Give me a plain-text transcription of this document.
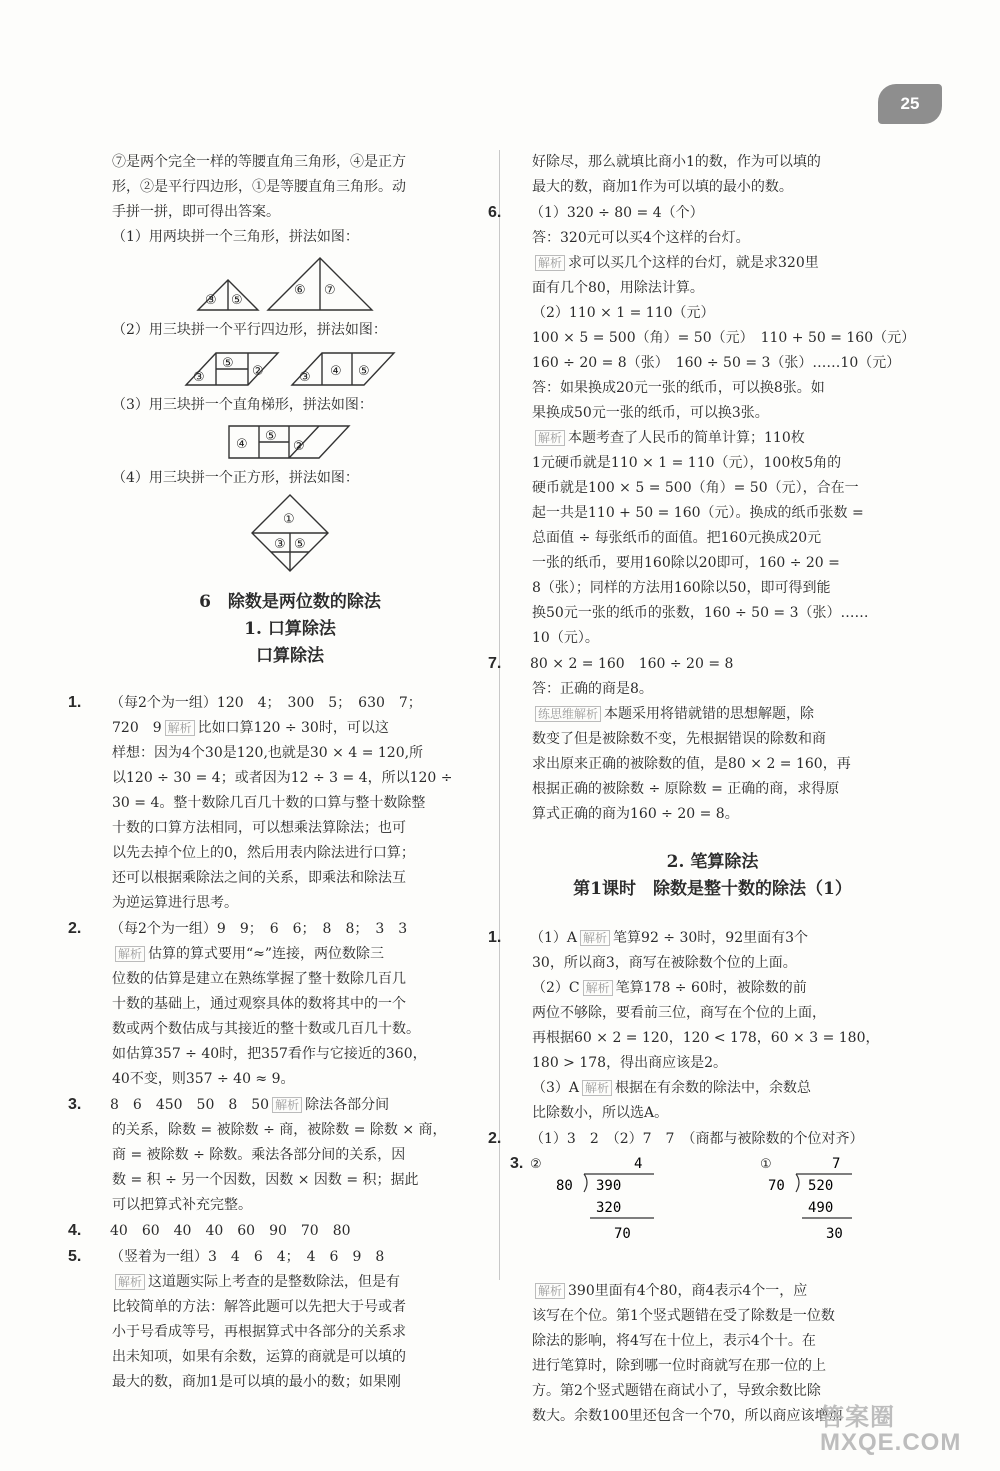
25

⑦是两个完全一样的等腰直角三角形，④是正方

形，②是平行四边形，①是等腰直角三角形。动

手拼一拼，即可得出答案。

（1）用两块拼一个三角形，拼法如图：

③ ⑤
⑥ ⑦

（2）用三块拼一个平行四边形，拼法如图：

③
⑤
②	③ ④ ⑤

（3）用三块拼一个直角梯形，拼法如图：

④
⑤
②

（4）用三块拼一个正方形，拼法如图：

①
③ ⑤

6　除数是两位数的除法

1. 口算除法

口算除法

1. （每2个为一组）120　4；　300　5；　630　7；

720　9 解析 比如口算120 ÷ 30时，可以这

样想：因为4个30是120,也就是30 × 4 = 120,所

以120 ÷ 30 = 4；或者因为12 ÷ 3 = 4，所以120 ÷

30 = 4。整十数除几百几十数的口算与整十数除整

十数的口算方法相同，可以想乘法算除法；也可

以先去掉个位上的0，然后用表内除法进行口算；

还可以根据乘除法之间的关系，即乘法和除法互

为逆运算进行思考。

2. （每2个为一组）9　9；　6　6；　8　8；　3　3

解析 估算的算式要用“≈”连接，两位数除三

位数的估算是建立在熟练掌握了整十数除几百几

十数的基础上，通过观察具体的数将其中的一个

数或两个数估成与其接近的整十数或几百几十数。

如估算357 ÷ 40时，把357看作与它接近的360，

40不变，则357 ÷ 40 ≈ 9。

3. 8　6　450　50　8　50 解析 除法各部分间

的关系，除数 = 被除数 ÷ 商，被除数 = 除数 × 商，

商 = 被除数 ÷ 除数。乘法各部分间的关系，因

数 = 积 ÷ 另一个因数，因数 × 因数 = 积；据此

可以把算式补充完整。

4. 40　60　40　40　60　90　70　80

5. （竖着为一组）3　4　6　4；　4　6　9　8

解析 这道题实际上考查的是整数除法，但是有

比较简单的方法：解答此题可以先把大于号或者

小于号看成等号，再根据算式中各部分的关系求

出未知项，如果有余数，运算的商就是可以填的

最大的数，商加1是可以填的最小的数；如果刚

好除尽，那么就填比商小1的数，作为可以填的

最大的数，商加1作为可以填的最小的数。

6. （1）320 ÷ 80 = 4（个）

答：320元可以买4个这样的台灯。

解析 求可以买几个这样的台灯，就是求320里

面有几个80，用除法计算。

（2）110 × 1 = 110（元）

100 × 5 = 500（角）= 50（元）　110 + 50 = 160（元）

160 ÷ 20 = 8（张）　160 ÷ 50 = 3（张）……10（元）

答：如果换成20元一张的纸币，可以换8张。如

果换成50元一张的纸币，可以换3张。

解析 本题考查了人民币的简单计算；110枚

1元硬币就是110 × 1 = 110（元），100枚5角的

硬币就是100 × 5 = 500（角）= 50（元），合在一

起一共是110 + 50 = 160（元）。换成的纸币张数 =

总面值 ÷ 每张纸币的面值。把160元换成20元

一张的纸币，要用160除以20即可，160 ÷ 20 =

8（张）；同样的方法用160除以50，即可得到能

换50元一张的纸币的张数，160 ÷ 50 = 3（张）……

10（元）。

7. 80 × 2 = 160　160 ÷ 20 = 8

答：正确的商是8。

练思维解析 本题采用将错就错的思想解题，除

数变了但是被除数不变，先根据错误的除数和商

求出原来正确的被除数的值，是80 × 2 = 160，再

根据正确的被除数 ÷ 原除数 = 正确的商，求得原

算式正确的商为160 ÷ 20 = 8。

2. 笔算除法

第1课时　除数是整十数的除法（1）

1. （1）A 解析 笔算92 ÷ 30时，92里面有3个

30，所以商3，商写在被除数个位的上面。

（2）C 解析 笔算178 ÷ 60时，被除数的前

两位不够除，要看前三位，商写在个位的上面，

再根据60 × 2 = 120，120 < 178，60 × 3 = 180，

180 > 178，得出商应该是2。

（3）A 解析 根据在有余数的除法中，余数总

比除数小，所以选A。

2. （1）3　2　（2）7　7　（商都与被除数的个位对齐）

3. ②	4
80 390
320
70
①	7
70 520
490
30

解析 390里面有4个80，商4表示4个一，应

该写在个位。第1个竖式题错在受了除数是一位数

除法的影响，将4写在十位上，表示4个十。在

进行笔算时，除到哪一位时商就写在那一位的上

方。第2个竖式题错在商试小了，导致余数比除

数大。余数100里还包含一个70，所以商应该增加

答案圈 MXQE.COM
